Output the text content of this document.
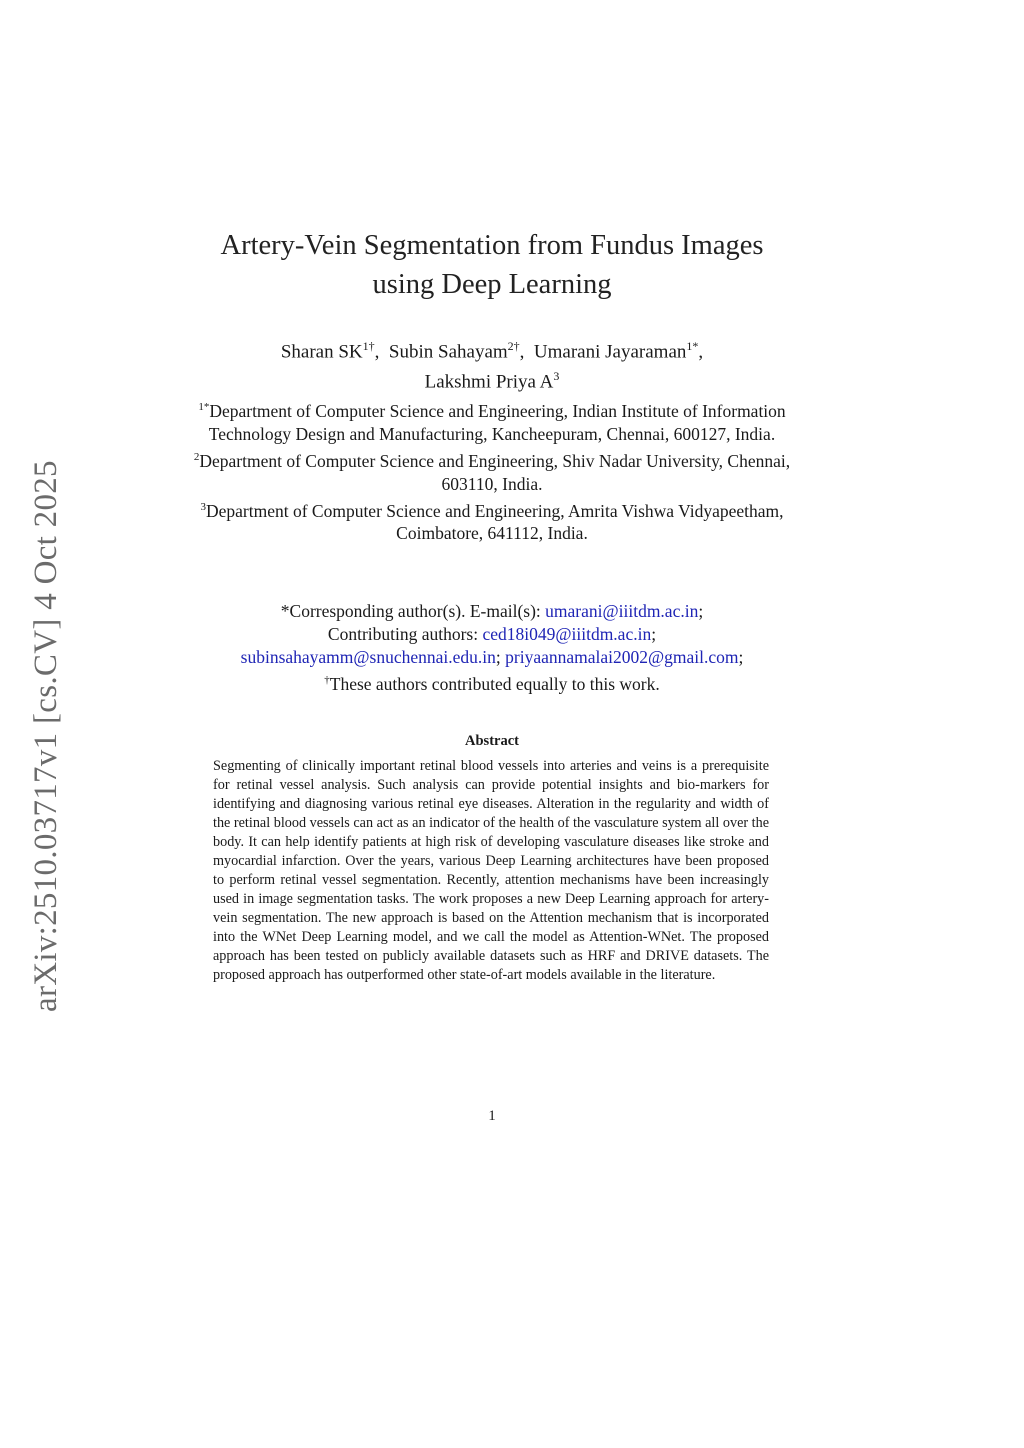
arXiv:2510.03717v1 [cs.CV] 4 Oct 2025
Artery-Vein Segmentation from Fundus Images
using Deep Learning
Sharan $SK^{1\dagger}$,  Subin Sahayam$^{2\dagger}$,  Umarani Jayaraman$^{1*}$,
Lakshmi Priya $A^3$
$^{1*}$Department of Computer Science and Engineering, Indian Institute of Information Technology Design and Manufacturing, Kancheepuram, Chennai, 600127, India.
$^2$Department of Computer Science and Engineering, Shiv Nadar University, Chennai, 603110, India.
$^3$Department of Computer Science and Engineering, Amrita Vishwa Vidyapeetham, Coimbatore, 641112, India.
*Corresponding author(s). E-mail(s): umarani@iiitdm.ac.in;
Contributing authors: ced18i049@iiitdm.ac.in;
subinsahayamm@snuchennai.edu.in; priyaannamalai2002@gmail.com;
†These authors contributed equally to this work.
Abstract
Segmenting of clinically important retinal blood vessels into arteries and veins is a prerequisite for retinal vessel analysis. Such analysis can provide potential insights and bio-markers for identifying and diagnosing various retinal eye diseases. Alteration in the regularity and width of the retinal blood vessels can act as an indicator of the health of the vasculature system all over the body. It can help identify patients at high risk of developing vasculature diseases like stroke and myocardial infarction. Over the years, various Deep Learning architectures have been proposed to perform retinal vessel segmentation. Recently, attention mechanisms have been increasingly used in image segmentation tasks. The work proposes a new Deep Learning approach for artery-vein segmentation. The new approach is based on the Attention mechanism that is incorporated into the WNet Deep Learning model, and we call the model as Attention-WNet. The proposed approach has been tested on publicly available datasets such as HRF and DRIVE datasets. The proposed approach has outperformed other state-of-art models available in the literature.
1
